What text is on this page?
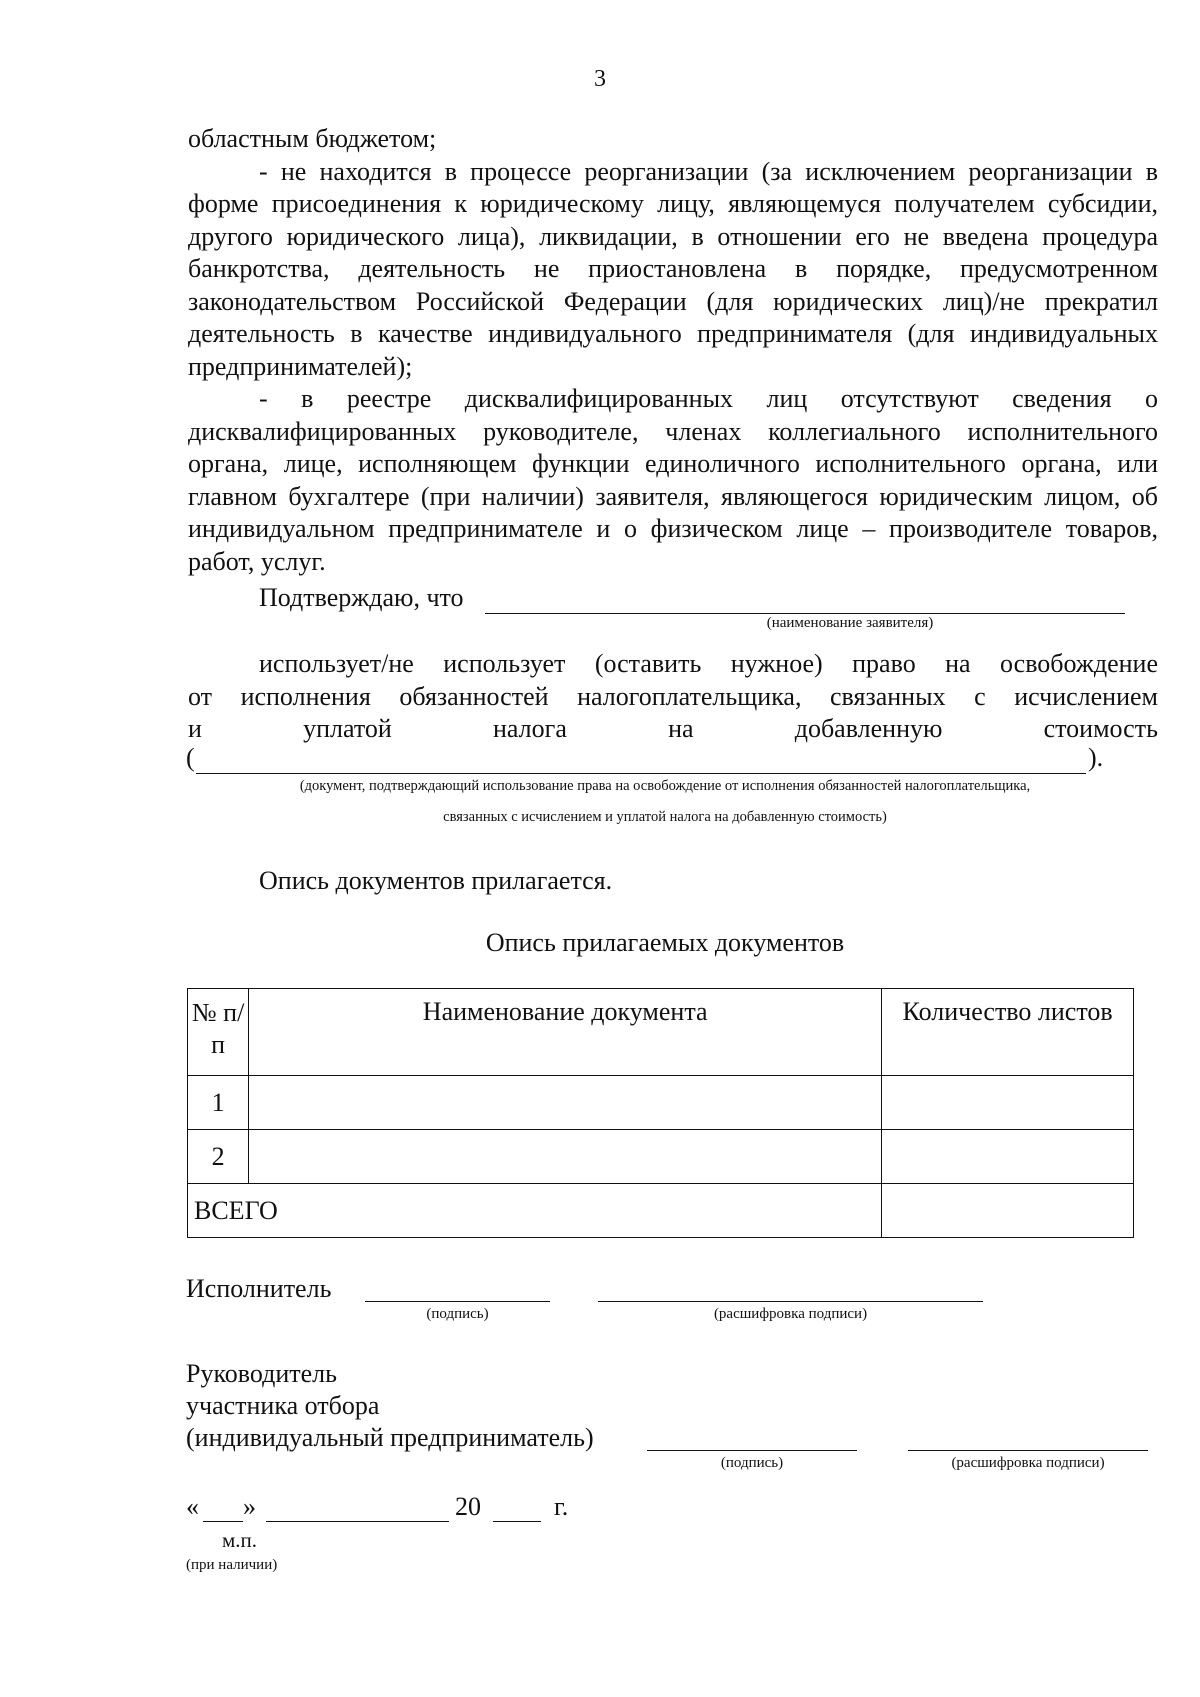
3

областным бюджетом;

- не находится в процессе реорганизации (за исключением реорганизации в форме присоединения к юридическому лицу, являющемуся получателем субсидии, другого юридического лица), ликвидации, в отношении его не введена процедура банкротства, деятельность не приостановлена в порядке, предусмотренном законодательством Российской Федерации (для юридических лиц)/не прекратил деятельность в качестве индивидуального предпринимателя (для индивидуальных предпринимателей);

- в реестре дисквалифицированных лиц отсутствуют сведения о дисквалифицированных руководителе, членах коллегиального исполнительного органа, лице, исполняющем функции единоличного исполнительного органа, или главном бухгалтере (при наличии) заявителя, являющегося юридическим лицом, об индивидуальном предпринимателе и о физическом лице – производителе товаров, работ, услуг.

Подтверждаю, что
(наименование заявителя)

использует/не использует (оставить нужное) право на освобождение

от исполнения обязанностей налогоплательщика, связанных с исчислением

и	уплатой	налога	на	добавленную	стоимость
(	).
(документ, подтверждающий использование права на освобождение от исполнения обязанностей налогоплательщика,
связанных с исчислением и уплатой налога на добавленную стоимость)
Опись документов прилагается.
Опись прилагаемых документов
№ п/п	Наименование документа	Количество листов
1		
2		
ВСЕГО		
Исполнитель
(подпись)	(расшифровка подписи)
Руководитель
участника отбора
(индивидуальный предприниматель)
(подпись)	(расшифровка подписи)
« »	20	г.
м.п.
(при наличии)
